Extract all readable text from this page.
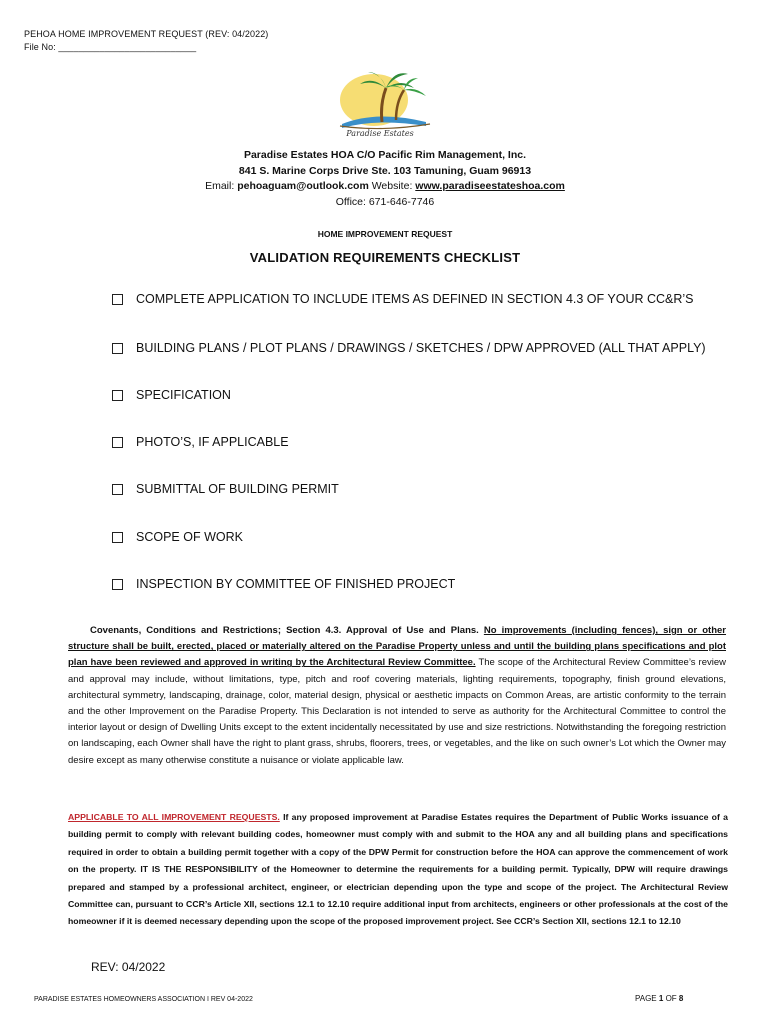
PEHOA HOME IMPROVEMENT REQUEST (REV: 04/2022)
File No: ___________________________
Paradise Estates
Paradise Estates HOA C/O Pacific Rim Management, Inc.
841 S. Marine Corps Drive Ste. 103 Tamuning, Guam 96913
Email: pehoaguam@outlook.com Website: www.paradiseestateshoa.com
Office: 671-646-7746
HOME IMPROVEMENT REQUEST
VALIDATION REQUIREMENTS CHECKLIST
COMPLETE APPLICATION TO INCLUDE ITEMS AS DEFINED IN SECTION 4.3 OF YOUR CC&R’S
BUILDING PLANS / PLOT PLANS / DRAWINGS / SKETCHES / DPW APPROVED (ALL THAT APPLY)
SPECIFICATION
PHOTO’S, IF APPLICABLE
SUBMITTAL OF BUILDING PERMIT
SCOPE OF WORK
INSPECTION BY COMMITTEE OF FINISHED PROJECT
Covenants, Conditions and Restrictions; Section 4.3. Approval of Use and Plans. No improvements (including fences), sign or other structure shall be built, erected, placed or materially altered on the Paradise Property unless and until the building plans specifications and plot plan have been reviewed and approved in writing by the Architectural Review Committee. The scope of the Architectural Review Committee’s review and approval may include, without limitations, type, pitch and roof covering materials, lighting requirements, topography, finish ground elevations, architectural symmetry, landscaping, drainage, color, material design, physical or aesthetic impacts on Common Areas, are artistic conformity to the terrain and the other Improvement on the Paradise Property. This Declaration is not intended to serve as authority for the Architectural Committee to control the interior layout or design of Dwelling Units except to the extent incidentally necessitated by use and size restrictions. Notwithstanding the foregoing restriction on landscaping, each Owner shall have the right to plant grass, shrubs, floorers, trees, or vegetables, and the like on such owner’s Lot which the Owner may desire except as many otherwise constitute a nuisance or violate applicable law.
APPLICABLE TO ALL IMPROVEMENT REQUESTS. If any proposed improvement at Paradise Estates requires the Department of Public Works issuance of a building permit to comply with relevant building codes, homeowner must comply with and submit to the HOA any and all building plans and specifications required in order to obtain a building permit together with a copy of the DPW Permit for construction before the HOA can approve the commencement of work on the property. IT IS THE RESPONSIBILITY of the Homeowner to determine the requirements for a building permit. Typically, DPW will require drawings prepared and stamped by a professional architect, engineer, or electrician depending upon the type and scope of the project. The Architectural Review Committee can, pursuant to CCR’s Article XII, sections 12.1 to 12.10 require additional input from architects, engineers or other professionals at the cost of the homeowner if it is deemed necessary depending upon the scope of the proposed improvement project. See CCR’s Section XII, sections 12.1 to 12.10
REV: 04/2022
PARADISE ESTATES HOMEOWNERS ASSOCIATION I REV 04-2022	PAGE 1 OF 8
